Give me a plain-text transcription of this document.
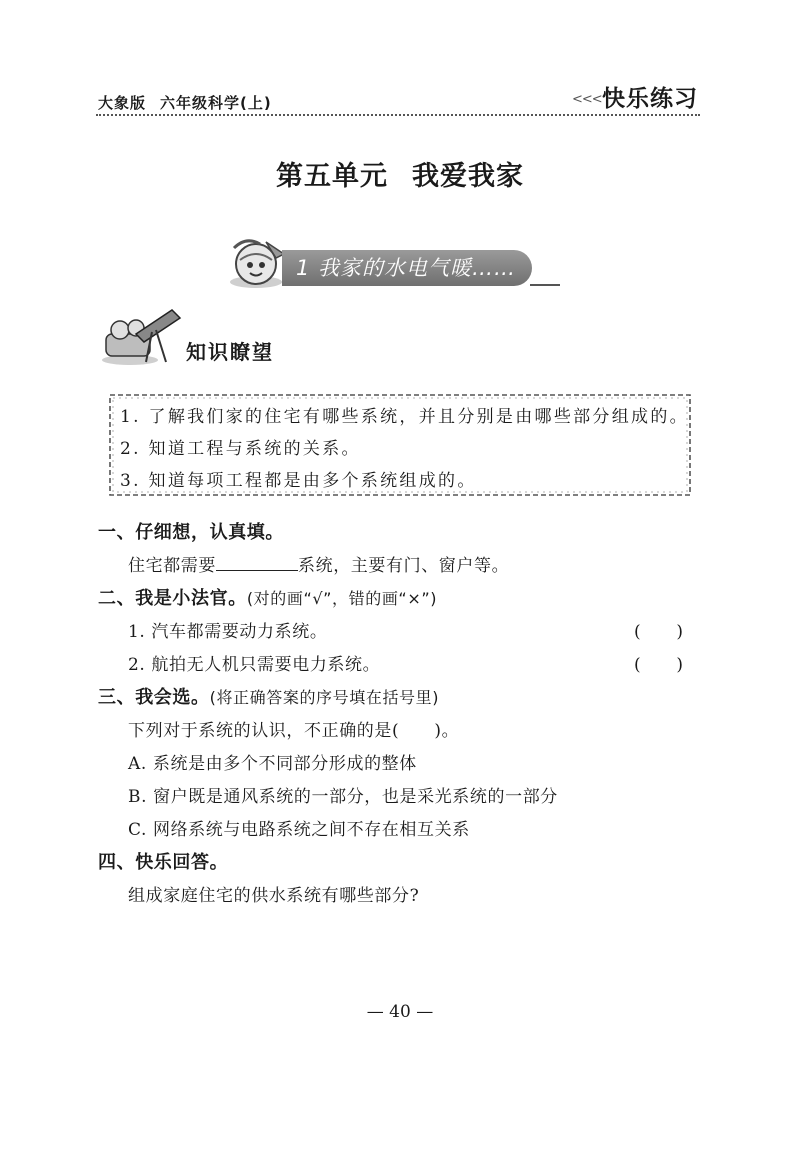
大象版 六年级科学(上)	<<< 快乐练习
第五单元 我爱我家
1 我家的水电气暖……
知识瞭望
1. 了解我们家的住宅有哪些系统，并且分别是由哪些部分组成的。
2. 知道工程与系统的关系。
3. 知道每项工程都是由多个系统组成的。
一、仔细想，认真填。
住宅都需要	系统，主要有门、窗户等。
二、我是小法官。(对的画“√”，错的画“×”)
1. 汽车都需要动力系统。	(　　)
2. 航拍无人机只需要电力系统。	(　　)
三、我会选。(将正确答案的序号填在括号里)
下列对于系统的认识，不正确的是(　　)。
A. 系统是由多个不同部分形成的整体
B. 窗户既是通风系统的一部分，也是采光系统的一部分
C. 网络系统与电路系统之间不存在相互关系
四、快乐回答。
组成家庭住宅的供水系统有哪些部分?
— 40 —
